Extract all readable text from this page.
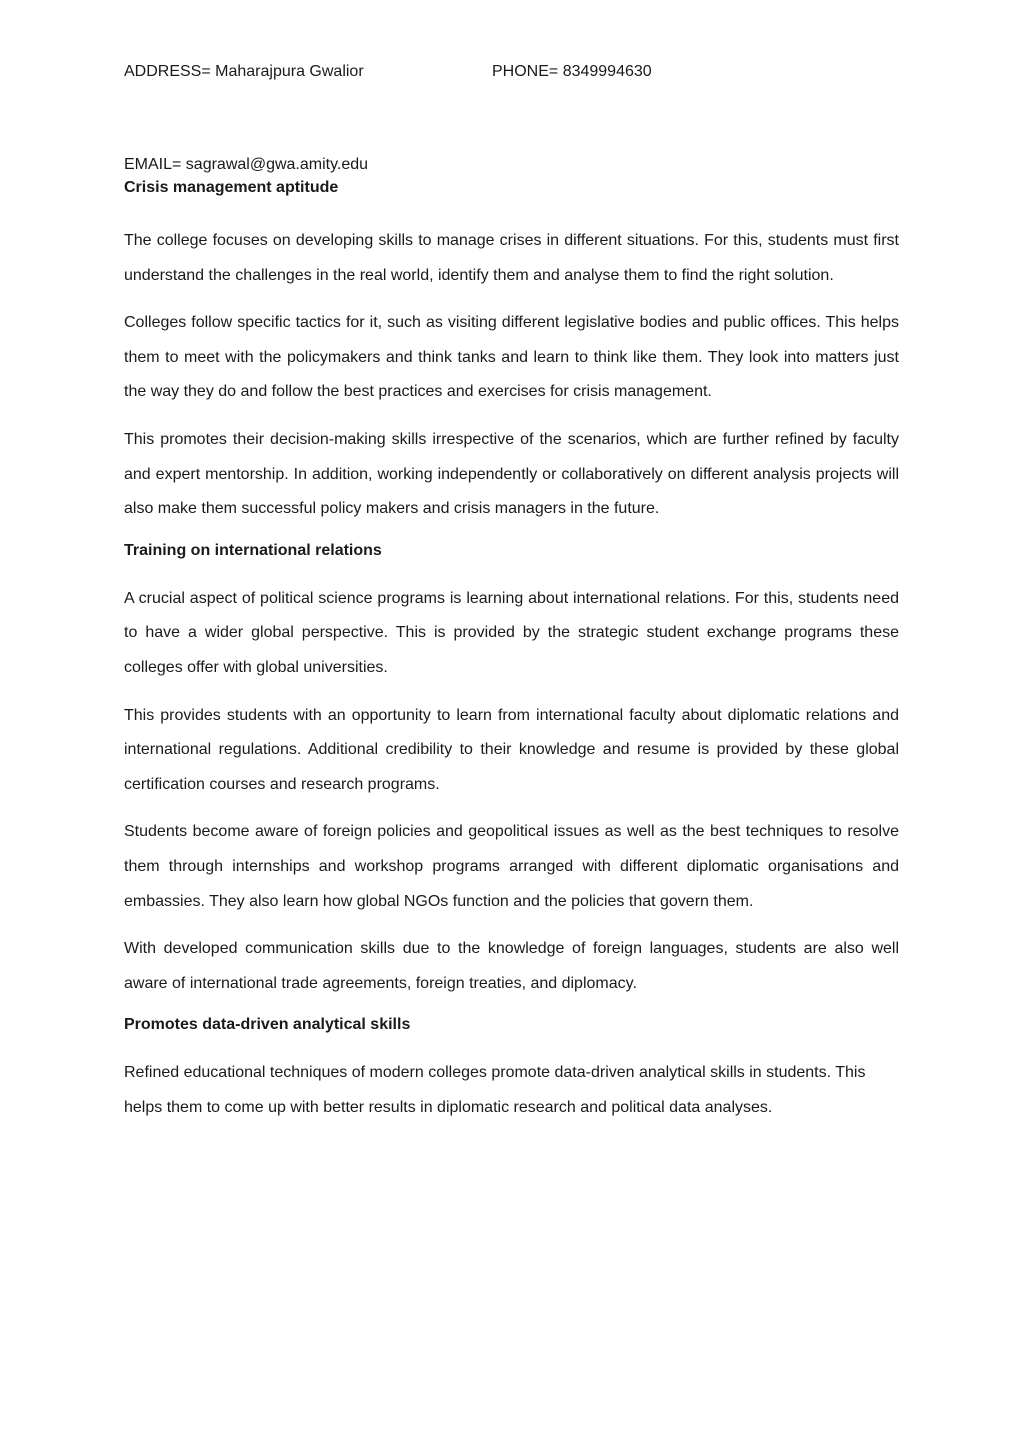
ADDRESS= Maharajpura Gwalior	PHONE= 8349994630
EMAIL= sagrawal@gwa.amity.edu
Crisis management aptitude

The college focuses on developing skills to manage crises in different situations. For this, students must first understand the challenges in the real world, identify them and analyse them to find the right solution.

Colleges follow specific tactics for it, such as visiting different legislative bodies and public offices. This helps them to meet with the policymakers and think tanks and learn to think like them. They look into matters just the way they do and follow the best practices and exercises for crisis management.

This promotes their decision-making skills irrespective of the scenarios, which are further refined by faculty and expert mentorship. In addition, working independently or collaboratively on different analysis projects will also make them successful policy makers and crisis managers in the future.

Training on international relations

A crucial aspect of political science programs is learning about international relations. For this, students need to have a wider global perspective. This is provided by the strategic student exchange programs these colleges offer with global universities.

This provides students with an opportunity to learn from international faculty about diplomatic relations and international regulations. Additional credibility to their knowledge and resume is provided by these global certification courses and research programs.

Students become aware of foreign policies and geopolitical issues as well as the best techniques to resolve them through internships and workshop programs arranged with different diplomatic organisations and embassies. They also learn how global NGOs function and the policies that govern them.

With developed communication skills due to the knowledge of foreign languages, students are also well aware of international trade agreements, foreign treaties, and diplomacy.

Promotes data-driven analytical skills

Refined educational techniques of modern colleges promote data-driven analytical skills in students. This helps them to come up with better results in diplomatic research and political data analyses.
